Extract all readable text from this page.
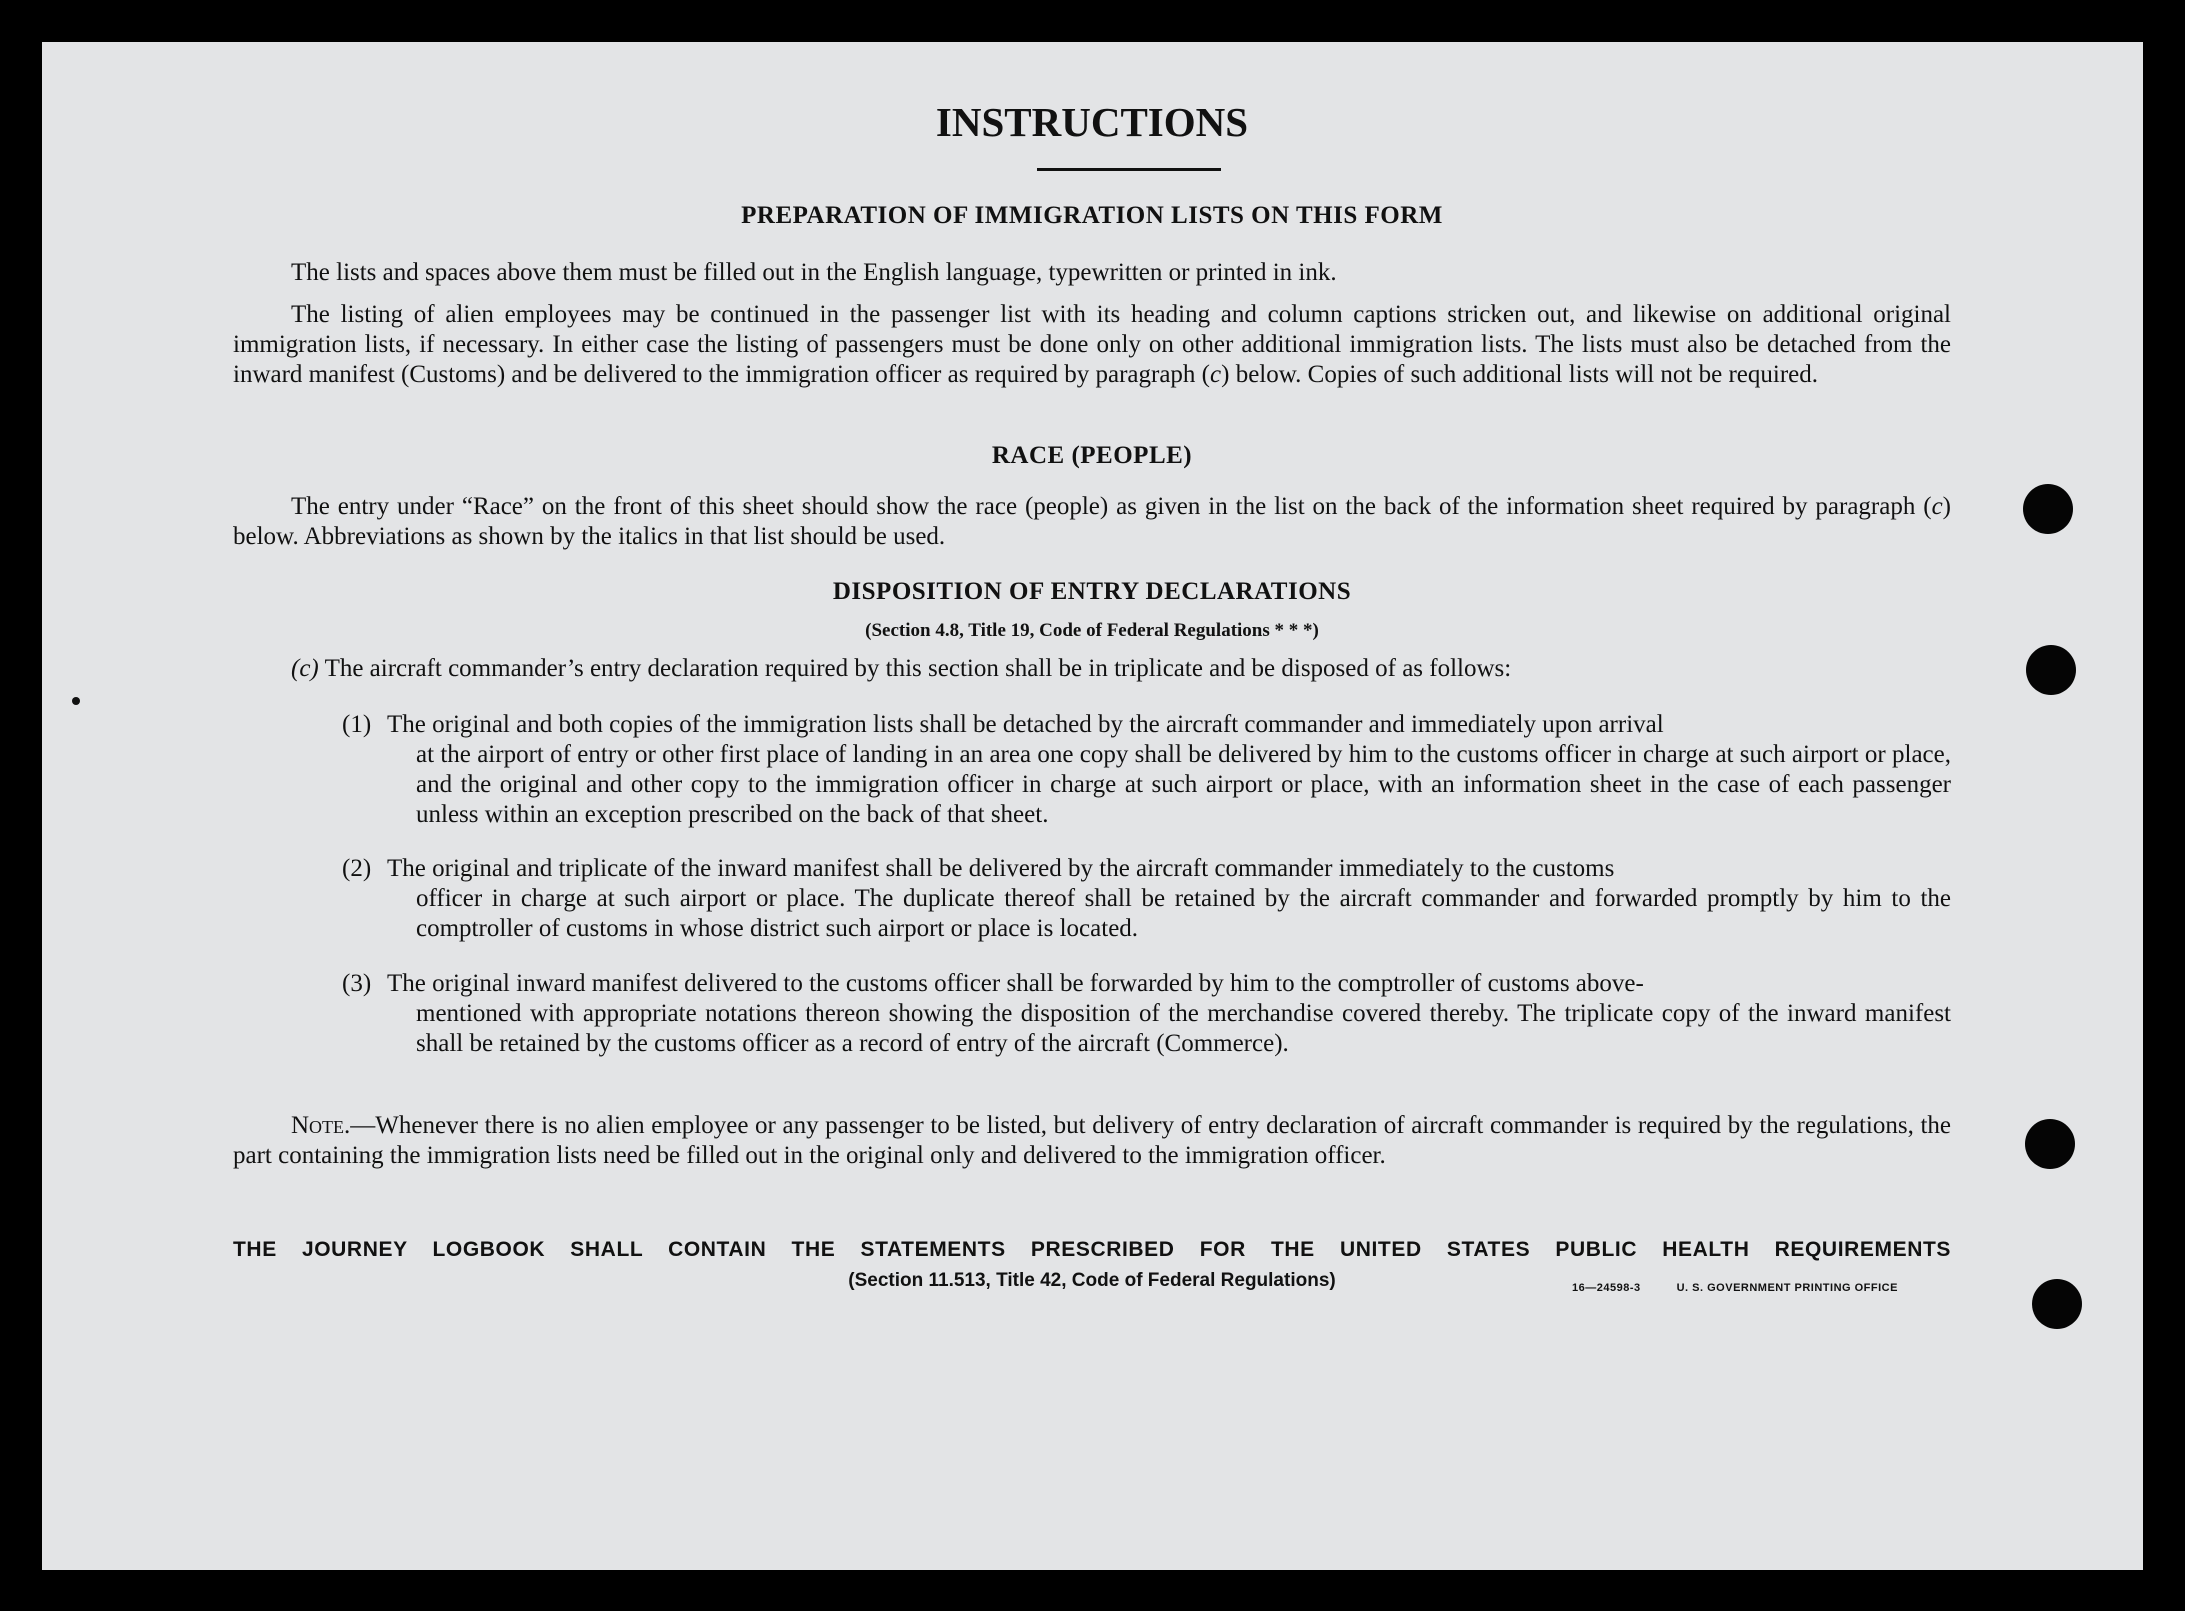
INSTRUCTIONS
PREPARATION OF IMMIGRATION LISTS ON THIS FORM
The lists and spaces above them must be filled out in the English language, typewritten or printed in ink.
The listing of alien employees may be continued in the passenger list with its heading and column captions stricken out, and likewise on additional original immigration lists, if necessary. In either case the listing of passengers must be done only on other additional immigration lists. The lists must also be detached from the inward manifest (Customs) and be delivered to the immigration officer as required by paragraph (c) below. Copies of such additional lists will not be required.
RACE (PEOPLE)
The entry under “Race” on the front of this sheet should show the race (people) as given in the list on the back of the information sheet required by paragraph (c) below. Abbreviations as shown by the italics in that list should be used.
DISPOSITION OF ENTRY DECLARATIONS
(Section 4.8, Title 19, Code of Federal Regulations * * *)
(c) The aircraft commander’s entry declaration required by this section shall be in triplicate and be disposed of as follows:
(1) The original and both copies of the immigration lists shall be detached by the aircraft commander and immediately upon arrival
at the airport of entry or other first place of landing in an area one copy shall be delivered by him to the customs officer in charge at such airport or place, and the original and other copy to the immigration officer in charge at such airport or place, with an information sheet in the case of each passenger unless within an exception prescribed on the back of that sheet.
(2) The original and triplicate of the inward manifest shall be delivered by the aircraft commander immediately to the customs
officer in charge at such airport or place. The duplicate thereof shall be retained by the aircraft commander and forwarded promptly by him to the comptroller of customs in whose district such airport or place is located.
(3) The original inward manifest delivered to the customs officer shall be forwarded by him to the comptroller of customs above-
mentioned with appropriate notations thereon showing the disposition of the merchandise covered thereby. The triplicate copy of the inward manifest shall be retained by the customs officer as a record of entry of the aircraft (Commerce).
Note.—Whenever there is no alien employee or any passenger to be listed, but delivery of entry declaration of aircraft commander is required by the regulations, the part containing the immigration lists need be filled out in the original only and delivered to the immigration officer.
THE JOURNEY LOGBOOK SHALL CONTAIN THE STATEMENTS PRESCRIBED FOR THE UNITED STATES PUBLIC HEALTH REQUIREMENTS
(Section 11.513, Title 42, Code of Federal Regulations)	16—24598-3	U. S. GOVERNMENT PRINTING OFFICE
